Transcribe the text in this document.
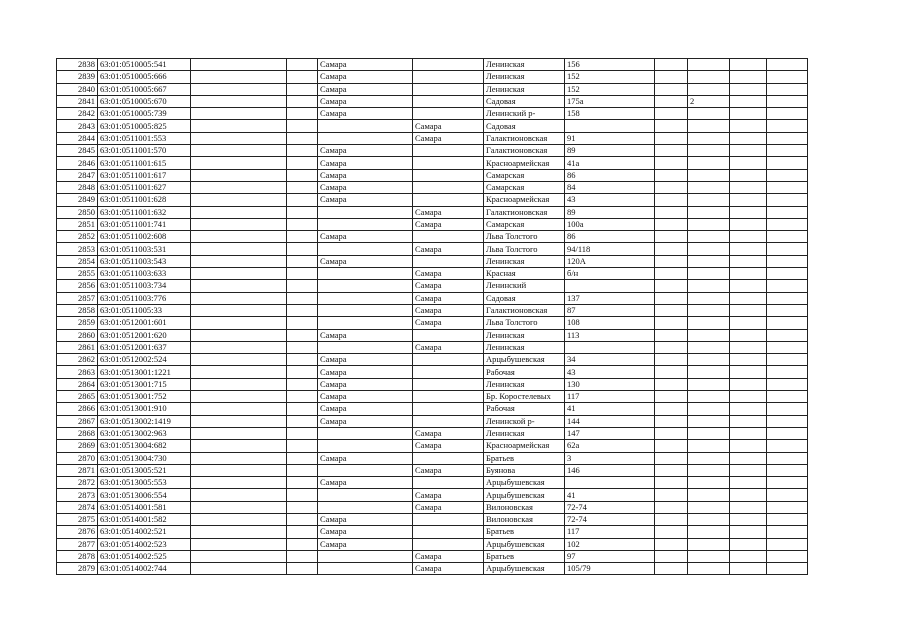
2838	63:01:0510005:541			Самара		Ленинская	156				
2839	63:01:0510005:666			Самара		Ленинская	152				
2840	63:01:0510005:667			Самара		Ленинская	152				
2841	63:01:0510005:670			Самара		Садовая	175а		2		
2842	63:01:0510005:739			Самара		Ленинский р-	158				
2843	63:01:0510005:825				Самара	Садовая					
2844	63:01:0511001:553				Самара	Галактионовская	91				
2845	63:01:0511001:570			Самара		Галактионовская	89				
2846	63:01:0511001:615			Самара		Красноармейская	41а				
2847	63:01:0511001:617			Самара		Самарская	86				
2848	63:01:0511001:627			Самара		Самарская	84				
2849	63:01:0511001:628			Самара		Красноармейская	43				
2850	63:01:0511001:632				Самара	Галактионовская	89				
2851	63:01:0511001:741				Самара	Самарская	100а				
2852	63:01:0511002:608			Самара		Льва Толстого	86				
2853	63:01:0511003:531				Самара	Льва Толстого	94/118				
2854	63:01:0511003:543			Самара		Ленинская	120А				
2855	63:01:0511003:633				Самара	Красная	б/н				
2856	63:01:0511003:734				Самара	Ленинский					
2857	63:01:0511003:776				Самара	Садовая	137				
2858	63:01:0511005:33				Самара	Галактионовская	87				
2859	63:01:0512001:601				Самара	Льва Толстого	108				
2860	63:01:0512001:620			Самара		Ленинская	113				
2861	63:01:0512001:637				Самара	Ленинская					
2862	63:01:0512002:524			Самара		Арцыбушевская	34				
2863	63:01:0513001:1221			Самара		Рабочая	43				
2864	63:01:0513001:715			Самара		Ленинская	130				
2865	63:01:0513001:752			Самара		Бр. Коростелевых	117				
2866	63:01:0513001:910			Самара		Рабочая	41				
2867	63:01:0513002:1419			Самара		Ленинской р-	144				
2868	63:01:0513002:963				Самара	Ленинская	147				
2869	63:01:0513004:682				Самара	Красноармейская	62а				
2870	63:01:0513004:730			Самара		Братьев	3				
2871	63:01:0513005:521				Самара	Буянова	146				
2872	63:01:0513005:553			Самара		Арцыбушевская					
2873	63:01:0513006:554				Самара	Арцыбушевская	41				
2874	63:01:0514001:581				Самара	Вилоновская	72-74				
2875	63:01:0514001:582			Самара		Вилоновская	72-74				
2876	63:01:0514002:521			Самара		Братьев	117				
2877	63:01:0514002:523			Самара		Арцыбушевская	102				
2878	63:01:0514002:525				Самара	Братьев	97				
2879	63:01:0514002:744				Самара	Арцыбушевская	105/79				
